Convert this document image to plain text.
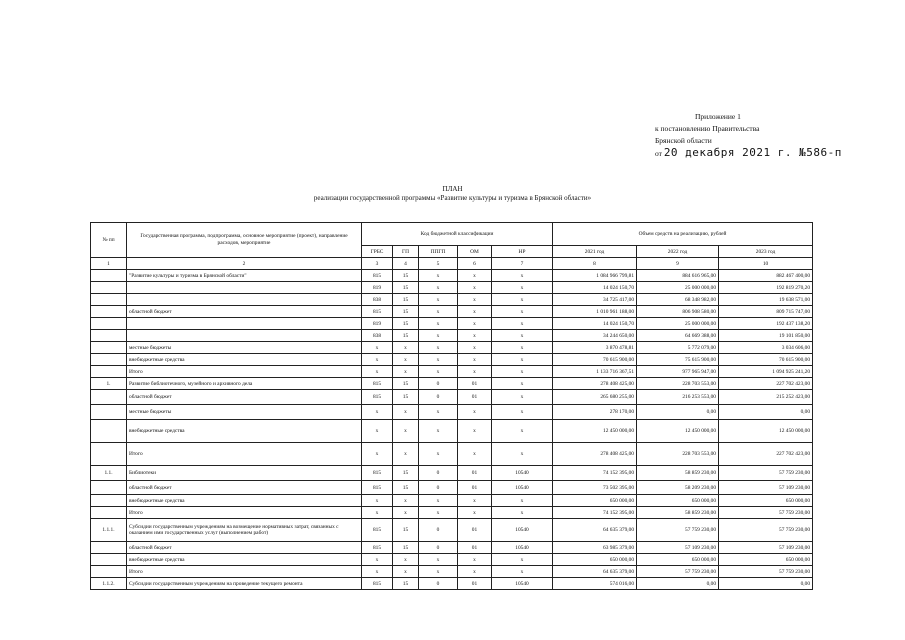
Приложение 1
к постановлению Правительства
Брянской области
от 20 декабря 2021 г. №586-п
ПЛАН
реализации государственной программы «Развитие культуры и туризма в Брянской области»
№ пп	Государственная программа, подпрограмма, основное мероприятие (проект), направление расходов, мероприятие	Код бюджетной классификации					Объем средств на реализацию, рублей		
		ГРБС	ГП	ППГП	ОМ	НР	2021 год	2022 год	2023 год
1	2	3	4	5	6	7	8	9	10
	"Развитие культуры и туризма в Брянской области"	815	15	x	x	x	1 084 966 799,81	884 616 965,00	882 467 400,00
		819	15	x	x	x	14 024 150,70	25 000 000,00	192 819 270,20
		838	15	x	x	x	34 725 417,00	68 348 982,00	19 638 571,00
	областной бюджет	815	15	x	x	x	1 010 961 188,00	806 908 580,00	809 715 747,00
		819	15	x	x	x	14 024 150,70	25 000 000,00	192 437 138,20
		838	15	x	x	x	34 244 650,00	64 669 388,00	19 101 850,00
	местные бюджеты	x	x	x	x	x	3 870 478,81	5 772 079,00	3 034 606,00
	внебюджетные средства	x	x	x	x	x	70 615 900,00	75 615 900,00	70 615 900,00
	Итого	x	x	x	x	x	1 133 716 367,51	977 965 947,00	1 094 925 241,20
1.	Развитие библиотечного, музейного и архивного дела	815	15	0	01	x	278 408 425,00	228 703 553,00	227 702 423,00
	областной бюджет	815	15	0	01	x	265 680 255,00	216 253 553,00	215 252 423,00
	местные бюджеты	x	x	x	x	x	278 170,00	0,00	0,00
	внебюджетные средства	x	x	x	x	x	12 450 000,00	12 450 000,00	12 450 000,00
	Итого	x	x	x	x	x	278 408 425,00	228 703 553,00	227 702 423,00
1.1.	Библиотеки	815	15	0	01	10540	74 152 395,00	58 859 230,00	57 759 230,00
	областной бюджет	815	15	0	01	10540	73 502 395,00	58 209 230,00	57 109 230,00
	внебюджетные средства	x	x	x	x	x	650 000,00	650 000,00	650 000,00
	Итого	x	x	x	x	x	74 152 395,00	58 859 230,00	57 759 230,00
1.1.1.	Субсидии государственным учреждениям на возмещение нормативных затрат, связанных с оказанием ими государственных услуг (выполнением работ)	815	15	0	01	10540	64 635 379,00	57 759 230,00	57 759 230,00
	областной бюджет	815	15	0	01	10540	63 985 379,00	57 109 230,00	57 109 230,00
	внебюджетные средства	x	x	x	x	x	650 000,00	650 000,00	650 000,00
	Итого	x	x	x	x	x	64 635 379,00	57 759 230,00	57 759 230,00
1.1.2.	Субсидии государственным учреждениям на проведение текущего ремонта	815	15	0	01	10540	574 016,00	0,00	0,00
